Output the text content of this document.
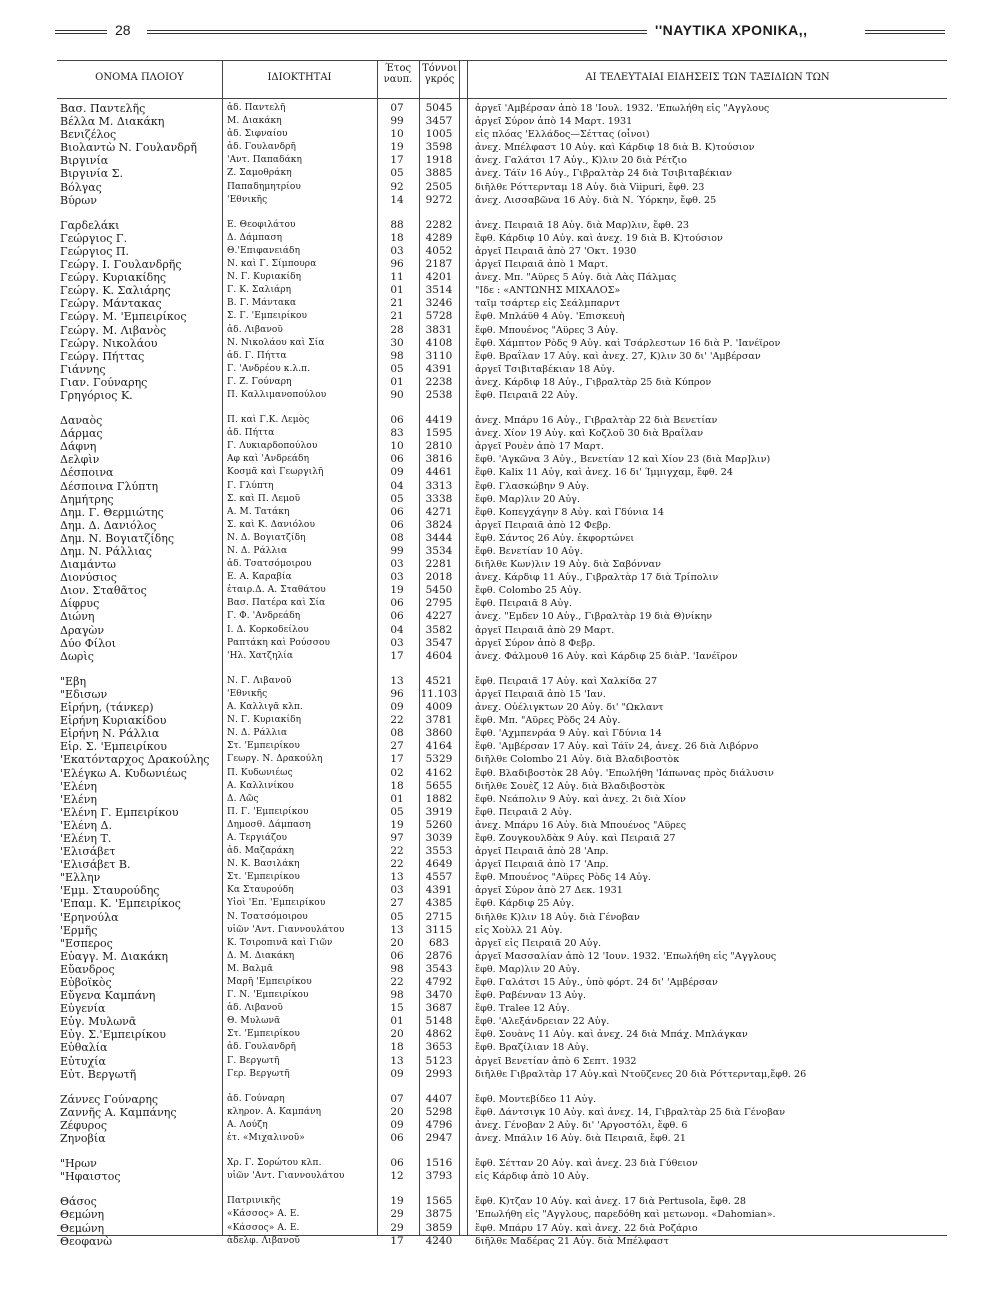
28	''ΝΑΥΤΙΚΑ ΧΡΟΝΙΚΑ,,
ΟΝΟΜΑ ΠΛΟΙΟΥ	ΙΔΙΟΚΤΗΤΑΙ
Έτος ναυπ.
Τόννοι γκρός	ΑΙ ΤΕΛΕΥΤΑΙΑΙ ΕΙΔΗΣΕΙΣ ΤΩΝ ΤΑΞΙΔΙΩΝ ΤΩΝ
Βασ. Παντελῆς	ἀδ. Παντελῆ	07	5045	ἀργεῖ 'Αμβέρσαν ἀπὸ 18 'Ιουλ. 1932. 'Επωλήθη εἰς "Αγγλους
Βέλλα Μ. Διακάκη	Μ. Διακάκη	99	3457	ἀργεῖ Σύρον ἀπὸ 14 Μαρτ. 1931
Βενιζέλος	ἀδ. Σιφναίου	10	1005	εἰς πλόας 'Ελλάδος—Σέττας (οἶνοι)
Βιολαντὼ Ν. Γουλανδρῆ	ἀδ. Γουλανδρῆ	19	3598	ἀνεχ. Μπέλφαστ 10 Αὐγ. καὶ Κάρδιφ 18 διὰ Β. Κ)τούσιον
Βιργινία	'Αντ. Παπαδάκη	17	1918	ἀνεχ. Γαλάτσι 17 Αὐγ., Κ)λιν 20 διὰ Ρέτζιο
Βιργινία Σ.	Ζ. Σαμοθράκη	05	3885	ἀνεχ. Τάϊν 16 Αὐγ., Γιβραλτὰρ 24 διὰ Τσιβιταβέκιαν
Βόλγας	Παπαδημητρίου	92	2505	διῆλθε Ρόττερνταμ 18 Αὐγ. διὰ Viipuri, ἔφθ. 23
Βύρων	'Εθνικῆς	14	9272	ἀνεχ. Λισσαβῶνα 16 Αὐγ. διὰ Ν. Ύόρκην, ἔφθ. 25
Γαρδελάκι	Ε. Θεοφιλάτου	88	2282	ἀνεχ. Πειραιᾶ 18 Αὐγ. διὰ Μαρ)λιν, ἔφθ. 23
Γεώργιος Γ.	Δ. Δάμπαση	18	4289	ἔφθ. Κάρδιφ 10 Αὐγ. καὶ ἀνεχ. 19 διὰ Β. Κ)τούσιον
Γεώργιος Π.	Θ.'Επιφανειάδη	03	4052	ἀργεῖ Πειραιᾶ ἀπὸ 27 'Οκτ. 1930
Γεώργ. Ι. Γουλανδρῆς	Ν. καὶ Γ. Σίμπουρα	96	2187	ἀργεῖ Πειραιᾶ ἀπὸ 1 Μαρτ.
Γεώργ. Κυριακίδης	Ν. Γ. Κυριακίδη	11	4201	ἀνεχ. Μπ. "Αϋρες 5 Αὐγ. διὰ Λὰς Πάλμας
Γεώργ. Κ. Σαλιάρης	Γ. Κ. Σαλιάρη	01	3514	"Ιδε : «ΑΝΤΩΝΗΣ ΜΙΧΑΛΟΣ»
Γεώργ. Μάντακας	Β. Γ. Μάντακα	21	3246	ταῖμ τσάρτερ εἰς Σεάλμπαρντ
Γεώργ. Μ. 'Εμπειρίκος	Σ. Γ. 'Εμπειρίκου	21	5728	ἔφθ. Μπλάϋθ 4 Αὐγ. 'Επισκευὴ
Γεώργ. Μ. Λιβανὸς	ἀδ. Λιβανοῦ	28	3831	ἔφθ. Μπουένος "Αϋρες 3 Αὐγ.
Γεώργ. Νικολάου	Ν. Νικολάου καὶ Σία	30	4108	ἔφθ. Χάμπτον Ρὸδς 9 Αὐγ. καὶ Τσάρλεστων 16 διὰ Ρ. 'Ιανέϊρον
Γεώργ. Πήττας	ἀδ. Γ. Πήττα	98	3110	ἔφθ. Βραΐλαν 17 Αὐγ. καὶ ἀνεχ. 27, Κ)λιν 30 δι' 'Αμβέρσαν
Γιάννης	Γ. 'Ανδρέου κ.λ.π.	05	4391	ἀργεῖ Τσιβιταβέκιαν 18 Αὐγ.
Γιαν. Γούναρης	Γ. Ζ. Γούναρη	01	2238	ἀνεχ. Κάρδιφ 18 Αὐγ., Γιβραλτὰρ 25 διὰ Κύπρον
Γρηγόριος Κ.	Π. Καλλιμανοπούλου	90	2538	ἔφθ. Πειραιᾶ 22 Αὐγ.
Δαναὸς	Π. καὶ Γ.Κ. Λεμὸς	06	4419	ἀνεχ. Μπάρυ 16 Αὐγ., Γιβραλτὰρ 22 διὰ Βενετίαν
Δάρμας	ἀδ. Πήττα	83	1595	ἀνεχ. Χίον 19 Αὐγ. καὶ Κοζλοῦ 30 διὰ Βραΐλαν
Δάφνη	Γ. Λυκιαρδοπούλου	10	2810	ἀργεῖ Ρουὲν ἀπὸ 17 Μαρτ.
Δελφὶν	Αφ καὶ 'Ανδρεάδη	06	3816	ἔφθ. 'Αγκῶνα 3 Αὐγ., Βενετίαν 12 καὶ Χίον 23 (διὰ Μαρ]λιν)
Δέσποινα	Κοσμᾶ καὶ Γεωργιλῆ	09	4461	ἔφθ. Kalix 11 Αὐγ, καὶ ἀνεχ. 16 δι' Ίμμιγχαμ, ἔφθ. 24
Δέσποινα Γλύπτη	Γ. Γλύπτη	04	3313	ἔφθ. Γλασκώβην 9 Αὐγ.
Δημήτρης	Σ. καὶ Π. Λεμοῦ	05	3338	ἔφθ. Μαρ)λιν 20 Αὐγ.
Δημ. Γ. Θερμιώτης	Α. Μ. Τατάκη	06	4271	ἔφθ. Κοπεγχάγην 8 Αὐγ. καὶ Γδύνια 14
Δημ. Δ. Δανιόλος	Σ. καὶ Κ. Δανιόλου	06	3824	ἀργεῖ Πειραιᾶ ἀπὸ 12 Φεβρ.
Δημ. Ν. Βογιατζίδης	Ν. Δ. Βογιατζίδη	08	3444	ἔφθ. Σάντος 26 Αὐγ. ἐκφορτώνει
Δημ. Ν. Ράλλιας	Ν. Δ. Ράλλια	99	3534	ἔφθ. Βενετίαν 10 Αὐγ.
Διαμάντω	ἀδ. Τσατσόμοιρου	03	2281	διῆλθε Κων)λιν 19 Αὐγ. διὰ Σαβόνναν
Διονύσιος	Ε. Α. Καραβία	03	2018	ἀνεχ. Κάρδιφ 11 Αὐγ., Γιβραλτὰρ 17 διὰ Τρίπολιν
Διον. Σταθᾶτος	ἑταιρ.Δ. Α. Σταθάτου	19	5450	ἔφθ. Colombo 25 Αὐγ.
Δίφρυς	Βασ. Πατέρα καὶ Σία	06	2795	ἔφθ. Πειραιᾶ 8 Αὐγ.
Διώνη	Γ. Φ. 'Ανδρεάδη	06	4227	ἀνεχ. "Εμδεν 10 Αὐγ., Γιβραλτὰρ 19 διὰ Θ)νίκην
Δραγὼν	Ι. Δ. Κορκοδείλου	04	3582	ἀργεῖ Πειραιᾶ ἀπὸ 29 Μαρτ.
Δύο Φίλοι	Ραπτάκη καὶ Ρούσσου	03	3547	ἀργεῖ Σύρον ἀπὸ 8 Φεβρ.
Δωρὶς	'Ηλ. Χατζηλία	17	4604	ἀνεχ. Φάλμουθ 16 Αὐγ. καὶ Κάρδιφ 25 διὰΡ. 'Ιανέϊρον
"Εβη	Ν. Γ. Λιβανοῦ	13	4521	ἔφθ. Πειραιᾶ 17 Αὐγ. καὶ Χαλκίδα 27
"Εδισων	'Εθνικῆς	96	11.103 ἀργεῖ Πειραιᾶ ἀπὸ 15 'Ιαν.
Εἰρήνη, (τάνκερ)	Α. Καλλιγᾶ κλπ.	09	4009	ἀνεχ. Οὐέλιγκτων 20 Αὐγ. δι' "Ωκλαντ
Εἰρήνη Κυριακίδου	Ν. Γ. Κυριακίδη	22	3781	ἔφθ. Μπ. "Αϋρες Ρὸδς 24 Αὐγ.
Εἰρήνη Ν. Ράλλια	Ν. Δ. Ράλλια	08	3860	ἔφθ. 'Αχμπενράα 9 Αὐγ. καὶ Γδύνια 14
Εἰρ. Σ. 'Εμπειρίκου	Στ. 'Εμπειρίκου	27	4164	ἔφθ. 'Αμβέρσαν 17 Αὐγ. καὶ Τάϊν 24, ἀνεχ. 26 διὰ Λιβόρνο
'Εκατόνταρχος Δρακούλης	Γεωργ. Ν. Δρακούλη	17	5329	διῆλθε Colombo 21 Αὐγ. διὰ Βλαδιβοστὸκ
'Ελέγκω Α. Κυδωνιέως	Π. Κυδωνιέως	02	4162	ἔφθ. Βλαδιβοστὸκ 28 Αὐγ. 'Επωλήθη 'Ιάπωνας πρὸς διάλυσιν
'Ελένη	Α. Καλλινίκου	18	5655	διῆλθε Σουὲζ 12 Αὐγ. διὰ Βλαδιβοστὸκ
'Ελένη	Δ. Λῶς	01	1882	ἔφθ. Νεάπολιν 9 Αὐγ. καὶ ἀνεχ. 2ι διὰ Χίον
'Ελένη Γ. Εμπειρίκου	Π. Γ. 'Εμπειρίκου	05	3919	ἔφθ. Πειραιᾶ 2 Αὐγ.
'Ελένη Δ.	Δημοσθ. Δάμπαση	19	5260	ἀνεχ. Μπάρυ 16 Αὐγ. διὰ Μπουένος "Αϋρες
'Ελένη Τ.	Α. Τεργιάζου	97	3039	ἔφθ. Ζουγκουλδὰκ 9 Αὐγ. καὶ Πειραιᾶ 27
'Ελισάβετ	ἀδ. Μαζαράκη	22	3553	ἀργεῖ Πειραιᾶ ἀπὸ 28 'Απρ.
'Ελισάβετ Β.	Ν. Κ. Βασιλάκη	22	4649	ἀργεῖ Πειραιᾶ ἀπὸ 17 'Απρ.
"Ελλην	Στ. 'Εμπειρίκου	13	4557	ἔφθ. Μπουένος "Αϋρες Ρὸδς 14 Αὐγ.
'Εμμ. Σταυρούδης	Κα Σταυρούδη	03	4391	ἀργεῖ Σύρον ἀπὸ 27 Δεκ. 1931
'Επαμ. Κ. 'Εμπειρίκος	Υἱοὶ 'Επ. 'Εμπειρίκου	27	4385	ἔφθ. Κάρδιφ 25 Αὐγ.
'Ερηνούλα	Ν. Τσατσόμοιρου	05	2715	διῆλθε Κ)λιν 18 Αὐγ. διὰ Γένοβαν
'Ερμῆς	υἱῶν 'Αντ. Γιαννουλάτου	13	3115	εἰς Χοὺλλ 21 Αὐγ.
"Εσπερος	Κ. Τσιροπινᾶ καὶ Γιῶν	20	683	ἀργεῖ εἰς Πειραιᾶ 20 Αὐγ.
Εὐαγγ. Μ. Διακάκη	Δ. Μ. Διακάκη	06	2876	ἀργεῖ Μασσαλίαν ἀπὸ 12 'Ιουν. 1932. 'Επωλήθη εἰς "Αγγλους
Εὔανδρος	Μ. Βαλμᾶ	98	3543	ἔφθ. Μαρ)λιν 20 Αὐγ.
Εὐβοϊκὸς	Μαρῆ 'Εμπειρίκου	22	4792	ἔφθ. Γαλάτσι 15 Αὐγ., ὑπὸ φόρτ. 24 δι' 'Αμβέρσαν
Εὔγενα Καμπάνη	Γ. Ν. 'Εμπειρίκου	98	3470	ἔφθ. Ραβένναν 13 Αὐγ.
Εὐγενία	ἀδ. Λιβανοῦ	15	3687	ἔφθ. Tralee 12 Αὐγ.
Εὐγ. Μυλωνᾶ	Θ. Μυλωνᾶ	01	5148	ἔφθ. 'Αλεξάνδρειαν 22 Αὐγ.
Εὐγ. Σ.'Εμπειρίκου	Στ. 'Εμπειρίκου	20	4862	ἔφθ. Σουὰνς 11 Αὐγ. καὶ ἀνεχ. 24 διὰ Μπάχ. Μπλάγκαν
Εὐθαλία	ἀδ. Γουλανδρῆ	18	3653	ἔφθ. Βραζίλιαν 18 Αὐγ.
Εὐτυχία	Γ. Βεργωτῆ	13	5123	ἀργεῖ Βενετίαν ἀπὸ 6 Σεπτ. 1932
Εὐτ. Βεργωτῆ	Γερ. Βεργωτῆ	09	2993	διῆλθε Γιβραλτὰρ 17 Αὐγ.καὶ Ντοῦζενες 20 διὰ Ρόττερνταμ,ἔφθ. 26
Ζάννες Γούναρης	ἀδ. Γούναρη	07	4407	ἔφθ. Μοντεβίδεο 11 Αὐγ.
Ζαννῆς Α. Καμπάνης	κληρον. Α. Καμπάνη	20	5298	ἔφθ. Δάντσιγκ 10 Αὐγ. καὶ ἀνεχ. 14, Γιβραλτὰρ 25 διὰ Γένοβαν
Ζέφυρος	Α. Λούζη	09	4796	ἀνεχ. Γένοβαν 2 Αὐγ. δι' 'Αργοστόλι, ἔφθ. 6
Ζηνοβία	ἑτ. «Μιχαλινοῦ»	06	2947	ἀνεχ. Μπάλιν 16 Αὐγ. διὰ Πειραιᾶ, ἔφθ. 21
"Ηρων	Χρ. Γ. Σορώτου κλπ.	06	1516	ἔφθ. Σέτταν 20 Αὐγ. καὶ ἀνεχ. 23 διὰ Γύθειον
"Ηφαιστος	υἱῶν 'Αντ. Γιαννουλάτου	12	3793	εἰς Κάρδιφ ἀπὸ 10 Αὐγ.
Θάσος	Πατρινικῆς	19	1565	ἔφθ. Κ)τζαν 10 Αὐγ. καὶ ἀνεχ. 17 διὰ Pertusola, ἔφθ. 28
Θεμώνη	«Κάσσος» Α. Ε.	29	3875	'Επωλήθη εἰς "Αγγλους, παρεδόθη καὶ μετωνομ. «Dahomian».
Θεμώνη	«Κάσσος» Α. Ε.	29	3859	ἔφθ. Μπάρυ 17 Αὐγ. καὶ ἀνεχ. 22 διὰ Ροζάριο
Θεοφανὼ	ἀδελφ. Λιβανοῦ	17	4240	διῆλθε Μαδέρας 21 Αὐγ. διὰ Μπέλφαστ
